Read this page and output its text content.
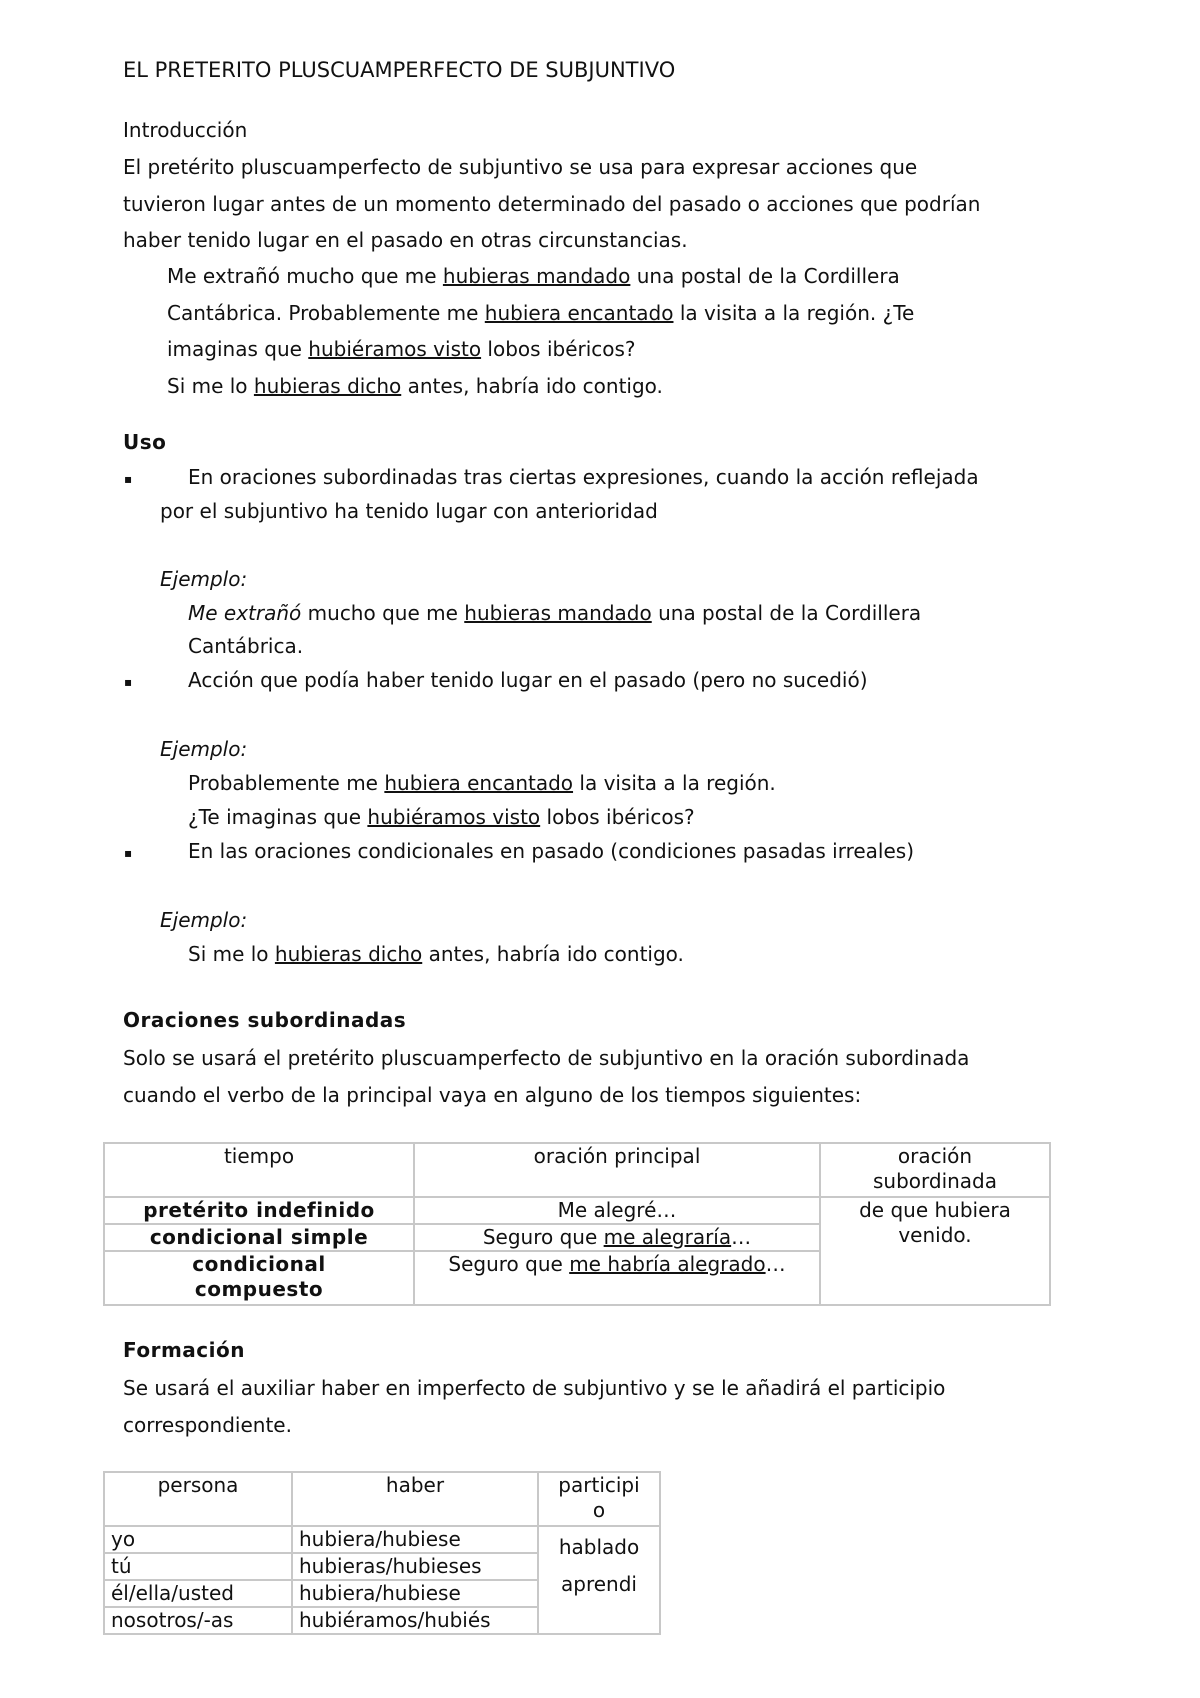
EL PRETERITO PLUSCUAMPERFECTO DE SUBJUNTIVO
Introducción
El pretérito pluscuamperfecto de subjuntivo se usa para expresar acciones que
tuvieron lugar antes de un momento determinado del pasado o acciones que podrían
haber tenido lugar en el pasado en otras circunstancias.
Me extrañó mucho que me hubieras mandado una postal de la Cordillera
Cantábrica. Probablemente me hubiera encantado la visita a la región. ¿Te
imaginas que hubiéramos visto lobos ibéricos?
Si me lo hubieras dicho antes, habría ido contigo.
Uso
▪	En oraciones subordinadas tras ciertas expresiones, cuando la acción reflejada
por el subjuntivo ha tenido lugar con anterioridad
Ejemplo:
Me extrañó mucho que me hubieras mandado una postal de la Cordillera
Cantábrica.
▪	Acción que podía haber tenido lugar en el pasado (pero no sucedió)
Ejemplo:
Probablemente me hubiera encantado la visita a la región.
¿Te imaginas que hubiéramos visto lobos ibéricos?
▪	En las oraciones condicionales en pasado (condiciones pasadas irreales)
Ejemplo:
Si me lo hubieras dicho antes, habría ido contigo.
Oraciones subordinadas
Solo se usará el pretérito pluscuamperfecto de subjuntivo en la oración subordinada
cuando el verbo de la principal vaya en alguno de los tiempos siguientes:
tiempo	oración principal	oración
subordinada

pretérito indefinido	Me alegré…	de que hubiera
venido.

condicional simple	Seguro que me alegraría…	

condicional
compuesto	Seguro que me habría alegrado…	
Formación
Se usará el auxiliar haber en imperfecto de subjuntivo y se le añadirá el participio
correspondiente.
persona	haber	participi
o

yo	hubiera/hubiese	hablado
aprendi

tú	hubieras/hubieses	
él/ella/usted	hubiera/hubiese	
nosotros/-as	hubiéramos/hubiés	
